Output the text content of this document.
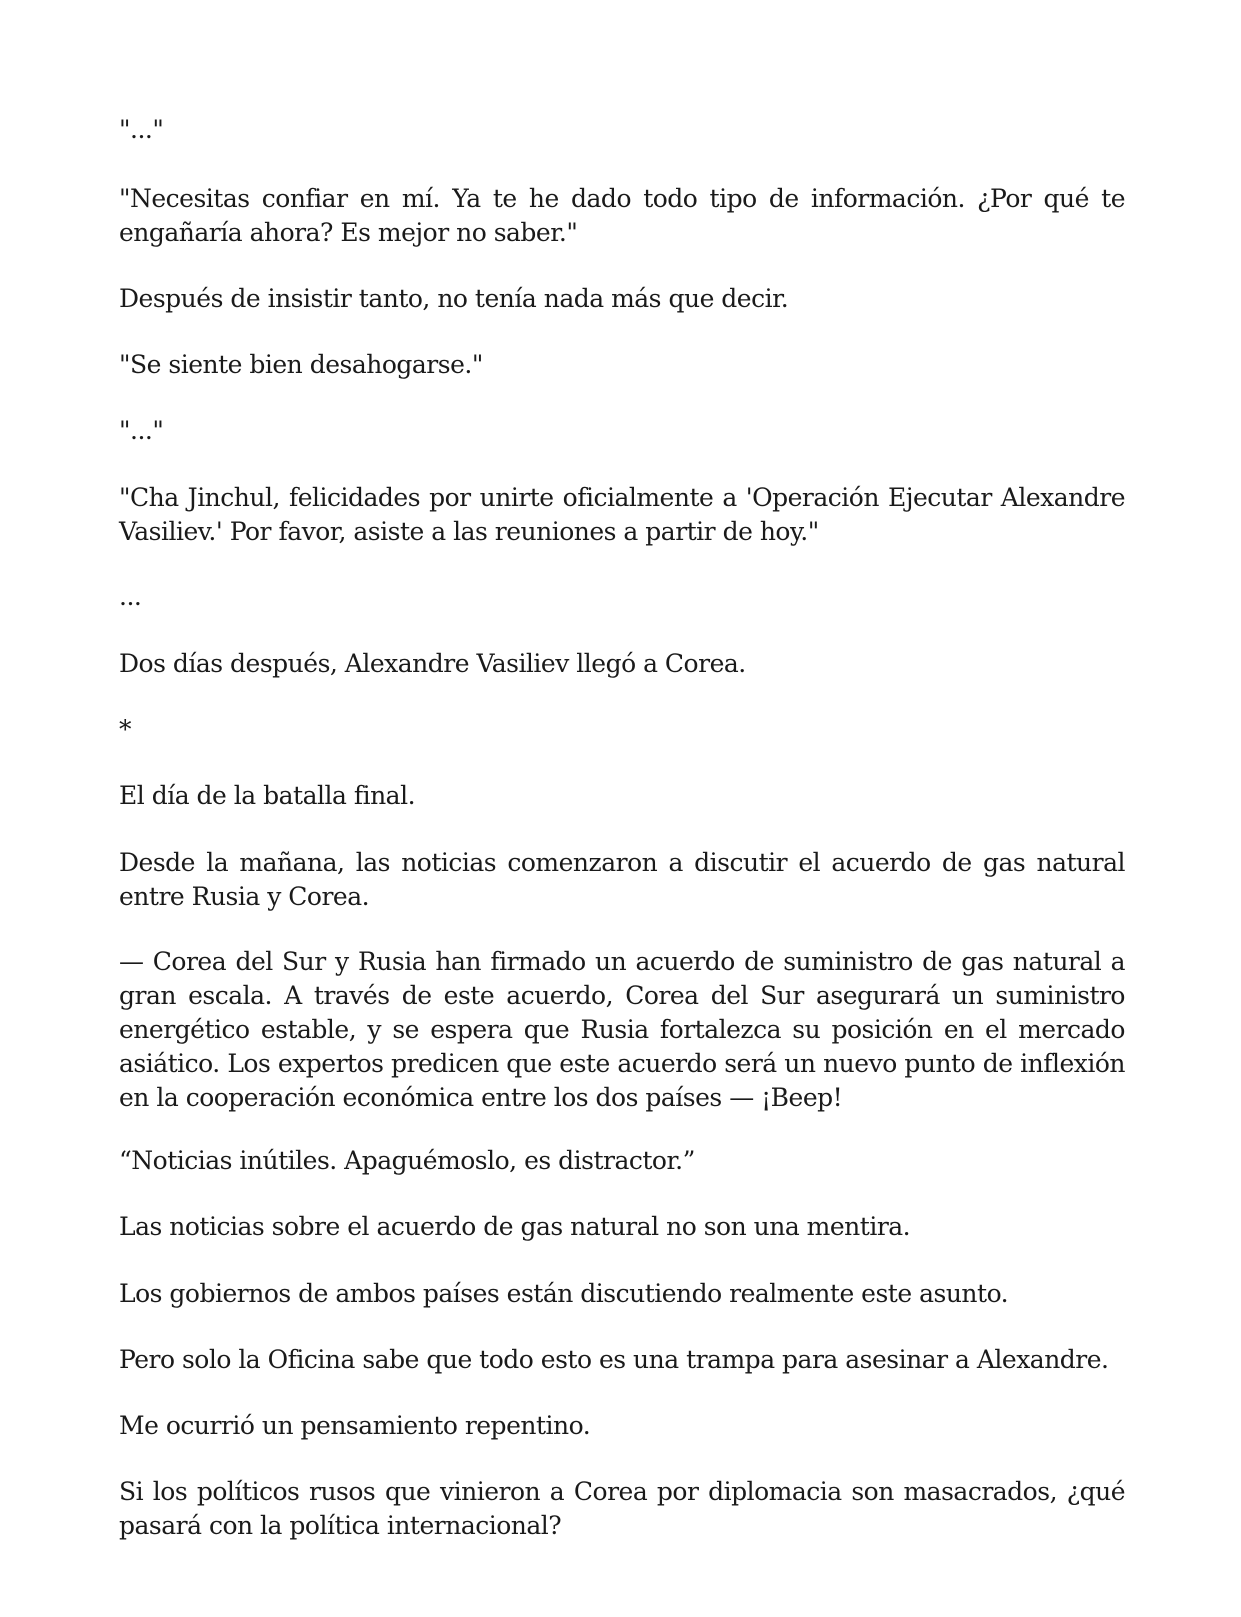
"..."

"Necesitas confiar en mí. Ya te he dado todo tipo de información. ¿Por qué te engañaría ahora? Es mejor no saber."

Después de insistir tanto, no tenía nada más que decir.

"Se siente bien desahogarse."

"..."

"Cha Jinchul, felicidades por unirte oficialmente a 'Operación Ejecutar Alexandre Vasiliev.' Por favor, asiste a las reuniones a partir de hoy."

...

Dos días después, Alexandre Vasiliev llegó a Corea.

*

El día de la batalla final.

Desde la mañana, las noticias comenzaron a discutir el acuerdo de gas natural entre Rusia y Corea.

— Corea del Sur y Rusia han firmado un acuerdo de suministro de gas natural a gran escala. A través de este acuerdo, Corea del Sur asegurará un suministro energético estable, y se espera que Rusia fortalezca su posición en el mercado asiático. Los expertos predicen que este acuerdo será un nuevo punto de inflexión en la cooperación económica entre los dos países — ¡Beep!

“Noticias inútiles. Apaguémoslo, es distractor.”

Las noticias sobre el acuerdo de gas natural no son una mentira.

Los gobiernos de ambos países están discutiendo realmente este asunto.

Pero solo la Oficina sabe que todo esto es una trampa para asesinar a Alexandre.

Me ocurrió un pensamiento repentino.

Si los políticos rusos que vinieron a Corea por diplomacia son masacrados, ¿qué pasará con la política internacional?
